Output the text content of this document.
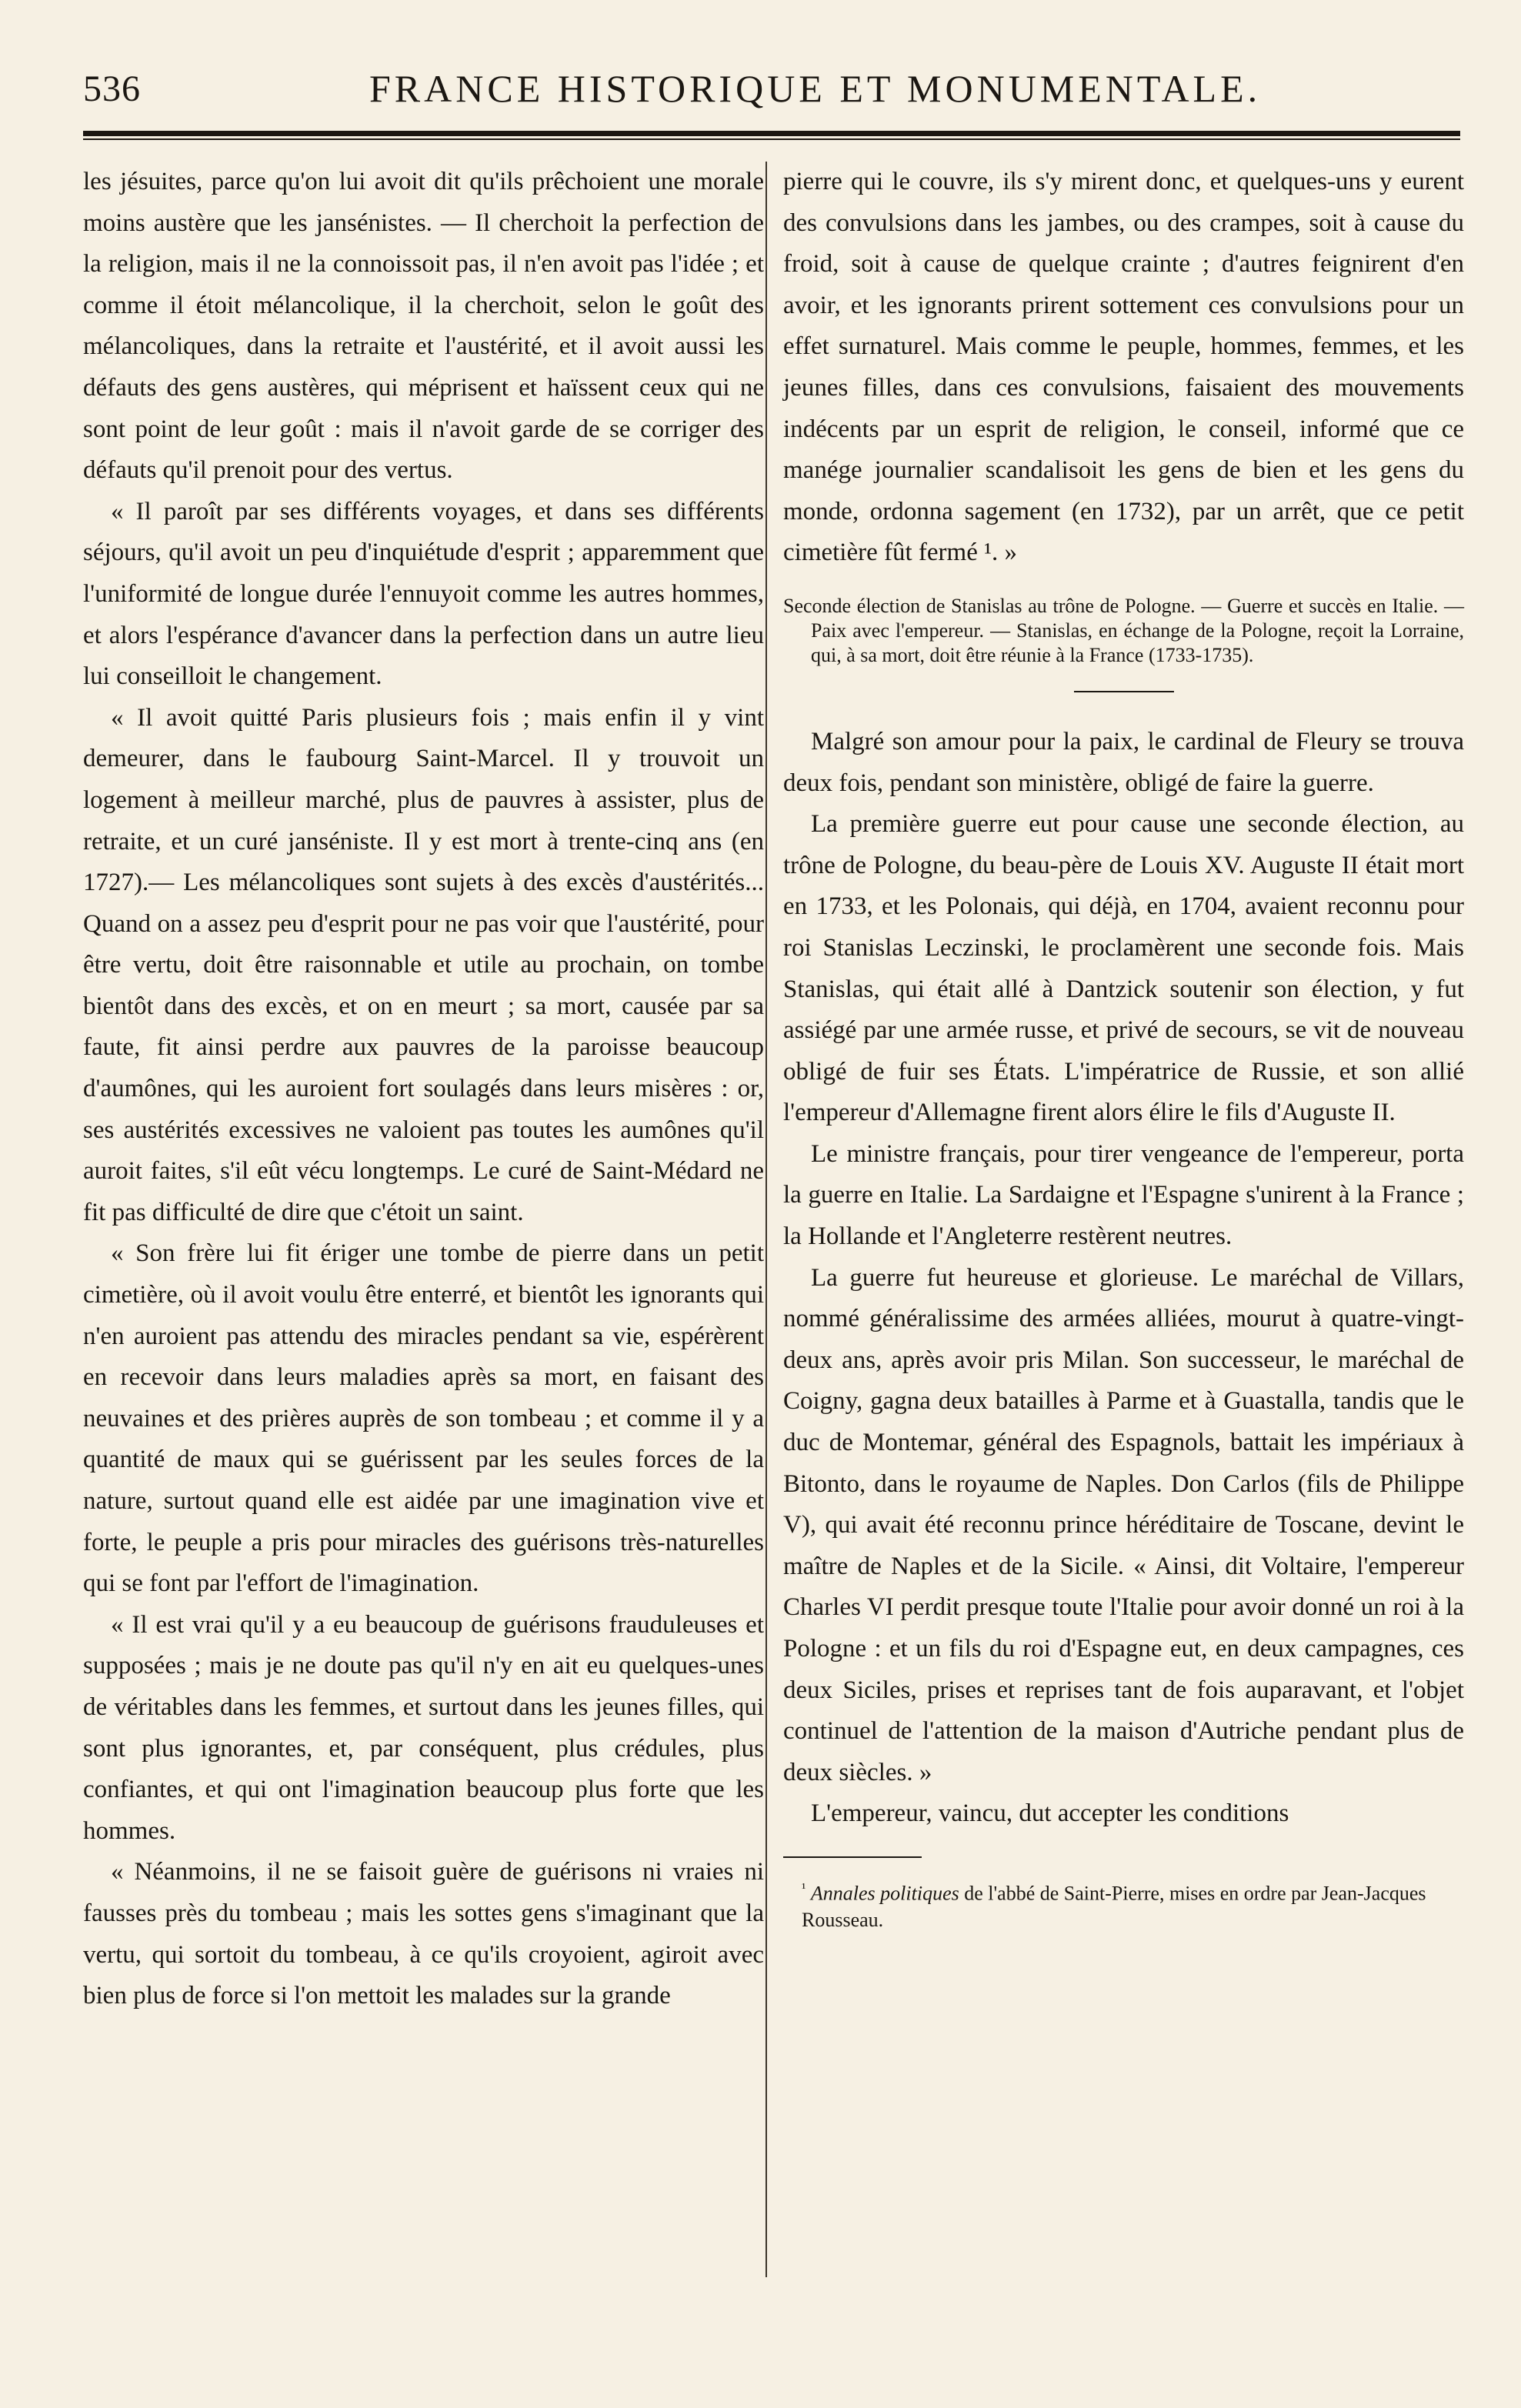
536	FRANCE HISTORIQUE ET MONUMENTALE.

les jésuites, parce qu'on lui avoit dit qu'ils prêchoient une morale moins austère que les jansénistes. — Il cherchoit la perfection de la religion, mais il ne la connoissoit pas, il n'en avoit pas l'idée ; et comme il étoit mélancolique, il la cherchoit, selon le goût des mélancoliques, dans la retraite et l'austérité, et il avoit aussi les défauts des gens austères, qui méprisent et haïssent ceux qui ne sont point de leur goût : mais il n'avoit garde de se corriger des défauts qu'il prenoit pour des vertus.

« Il paroît par ses différents voyages, et dans ses différents séjours, qu'il avoit un peu d'inquiétude d'esprit ; apparemment que l'uniformité de longue durée l'ennuyoit comme les autres hommes, et alors l'espérance d'avancer dans la perfection dans un autre lieu lui conseilloit le changement.

« Il avoit quitté Paris plusieurs fois ; mais enfin il y vint demeurer, dans le faubourg Saint-Marcel. Il y trouvoit un logement à meilleur marché, plus de pauvres à assister, plus de retraite, et un curé janséniste. Il y est mort à trente-cinq ans (en 1727).— Les mélancoliques sont sujets à des excès d'austérités... Quand on a assez peu d'esprit pour ne pas voir que l'austérité, pour être vertu, doit être raisonnable et utile au prochain, on tombe bientôt dans des excès, et on en meurt ; sa mort, causée par sa faute, fit ainsi perdre aux pauvres de la paroisse beaucoup d'aumônes, qui les auroient fort soulagés dans leurs misères : or, ses austérités excessives ne valoient pas toutes les aumônes qu'il auroit faites, s'il eût vécu longtemps. Le curé de Saint-Médard ne fit pas difficulté de dire que c'étoit un saint.

« Son frère lui fit ériger une tombe de pierre dans un petit cimetière, où il avoit voulu être enterré, et bientôt les ignorants qui n'en auroient pas attendu des miracles pendant sa vie, espérèrent en recevoir dans leurs maladies après sa mort, en faisant des neuvaines et des prières auprès de son tombeau ; et comme il y a quantité de maux qui se guérissent par les seules forces de la nature, surtout quand elle est aidée par une imagination vive et forte, le peuple a pris pour miracles des guérisons très-naturelles qui se font par l'effort de l'imagination.

« Il est vrai qu'il y a eu beaucoup de guérisons frauduleuses et supposées ; mais je ne doute pas qu'il n'y en ait eu quelques-unes de véritables dans les femmes, et surtout dans les jeunes filles, qui sont plus ignorantes, et, par conséquent, plus crédules, plus confiantes, et qui ont l'imagination beaucoup plus forte que les hommes.

« Néanmoins, il ne se faisoit guère de guérisons ni vraies ni fausses près du tombeau ; mais les sottes gens s'imaginant que la vertu, qui sortoit du tombeau, à ce qu'ils croyoient, agiroit avec bien plus de force si l'on mettoit les malades sur la grande

pierre qui le couvre, ils s'y mirent donc, et quelques-uns y eurent des convulsions dans les jambes, ou des crampes, soit à cause du froid, soit à cause de quelque crainte ; d'autres feignirent d'en avoir, et les ignorants prirent sottement ces convulsions pour un effet surnaturel. Mais comme le peuple, hommes, femmes, et les jeunes filles, dans ces convulsions, faisaient des mouvements indécents par un esprit de religion, le conseil, informé que ce manége journalier scandalisoit les gens de bien et les gens du monde, ordonna sagement (en 1732), par un arrêt, que ce petit cimetière fût fermé ¹. »

Seconde élection de Stanislas au trône de Pologne. — Guerre et succès en Italie. — Paix avec l'empereur. — Stanislas, en échange de la Pologne, reçoit la Lorraine, qui, à sa mort, doit être réunie à la France (1733-1735).

Malgré son amour pour la paix, le cardinal de Fleury se trouva deux fois, pendant son ministère, obligé de faire la guerre.

La première guerre eut pour cause une seconde élection, au trône de Pologne, du beau-père de Louis XV. Auguste II était mort en 1733, et les Polonais, qui déjà, en 1704, avaient reconnu pour roi Stanislas Leczinski, le proclamèrent une seconde fois. Mais Stanislas, qui était allé à Dantzick soutenir son élection, y fut assiégé par une armée russe, et privé de secours, se vit de nouveau obligé de fuir ses États. L'impératrice de Russie, et son allié l'empereur d'Allemagne firent alors élire le fils d'Auguste II.

Le ministre français, pour tirer vengeance de l'empereur, porta la guerre en Italie. La Sardaigne et l'Espagne s'unirent à la France ; la Hollande et l'Angleterre restèrent neutres.

La guerre fut heureuse et glorieuse. Le maréchal de Villars, nommé généralissime des armées alliées, mourut à quatre-vingt-deux ans, après avoir pris Milan. Son successeur, le maréchal de Coigny, gagna deux batailles à Parme et à Guastalla, tandis que le duc de Montemar, général des Espagnols, battait les impériaux à Bitonto, dans le royaume de Naples. Don Carlos (fils de Philippe V), qui avait été reconnu prince héréditaire de Toscane, devint le maître de Naples et de la Sicile. « Ainsi, dit Voltaire, l'empereur Charles VI perdit presque toute l'Italie pour avoir donné un roi à la Pologne : et un fils du roi d'Espagne eut, en deux campagnes, ces deux Siciles, prises et reprises tant de fois auparavant, et l'objet continuel de l'attention de la maison d'Autriche pendant plus de deux siècles. »

L'empereur, vaincu, dut accepter les conditions

$^{^1}$ Annales politiques de l'abbé de Saint-Pierre, mises en ordre par Jean-Jacques Rousseau.
